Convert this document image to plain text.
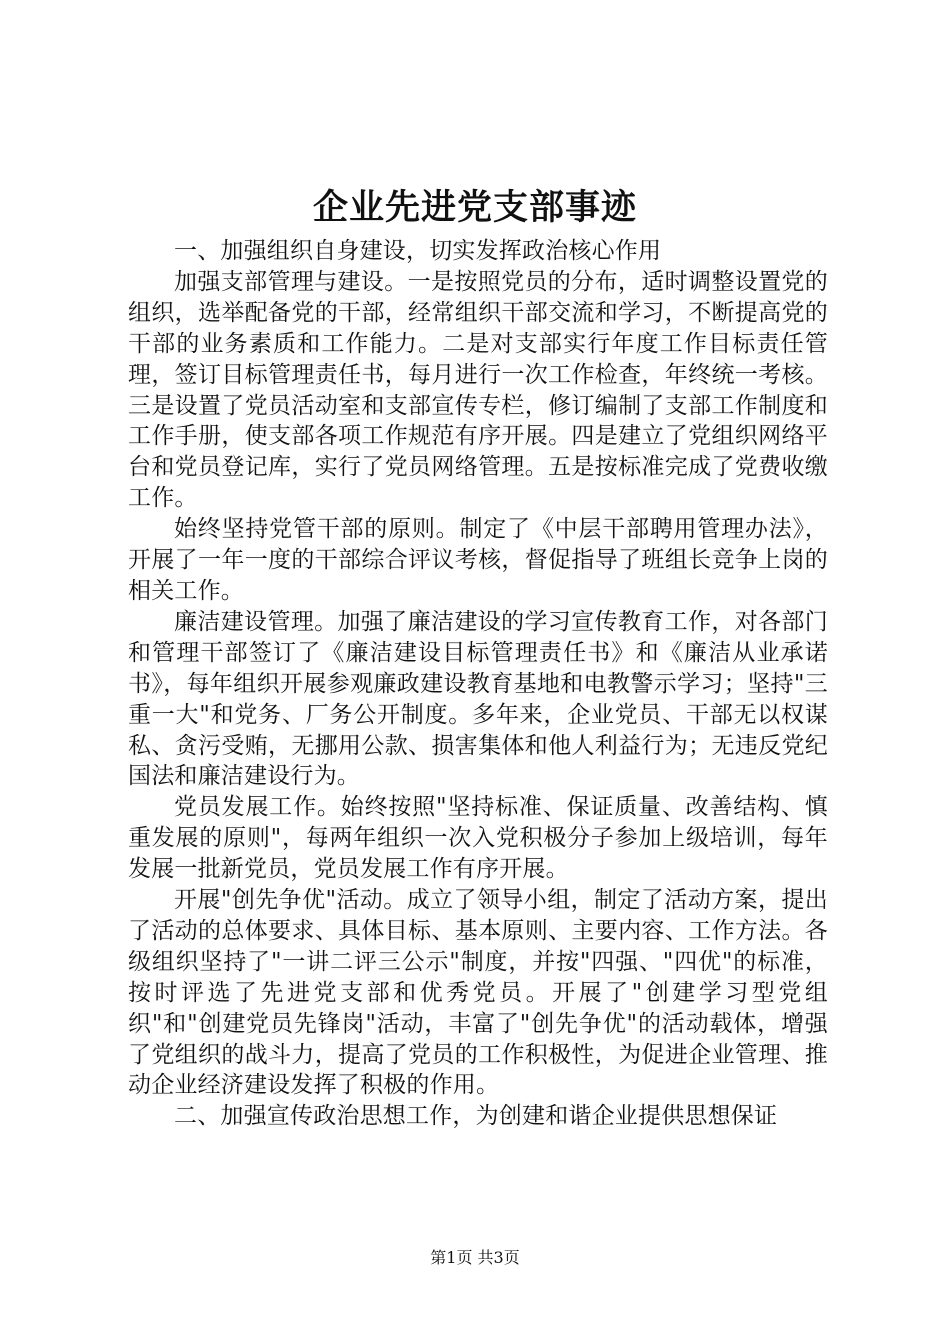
企业先进党支部事迹

一、加强组织自身建设，切实发挥政治核心作用

加强支部管理与建设。一是按照党员的分布，适时调整设置党的组织，选举配备党的干部，经常组织干部交流和学习，不断提高党的干部的业务素质和工作能力。二是对支部实行年度工作目标责任管理，签订目标管理责任书，每月进行一次工作检查，年终统一考核。三是设置了党员活动室和支部宣传专栏，修订编制了支部工作制度和工作手册，使支部各项工作规范有序开展。四是建立了党组织网络平台和党员登记库，实行了党员网络管理。五是按标准完成了党费收缴工作。

始终坚持党管干部的原则。制定了《中层干部聘用管理办法》，开展了一年一度的干部综合评议考核，督促指导了班组长竞争上岗的相关工作。

廉洁建设管理。加强了廉洁建设的学习宣传教育工作，对各部门和管理干部签订了《廉洁建设目标管理责任书》和《廉洁从业承诺书》，每年组织开展参观廉政建设教育基地和电教警示学习；坚持"三重一大"和党务、厂务公开制度。多年来，企业党员、干部无以权谋私、贪污受贿，无挪用公款、损害集体和他人利益行为；无违反党纪国法和廉洁建设行为。

党员发展工作。始终按照"坚持标准、保证质量、改善结构、慎重发展的原则"，每两年组织一次入党积极分子参加上级培训，每年发展一批新党员，党员发展工作有序开展。

开展"创先争优"活动。成立了领导小组，制定了活动方案，提出了活动的总体要求、具体目标、基本原则、主要内容、工作方法。各级组织坚持了"一讲二评三公示"制度，并按"四强、"四优"的标准，按时评选了先进党支部和优秀党员。开展了"创建学习型党组织"和"创建党员先锋岗"活动，丰富了"创先争优"的活动载体，增强了党组织的战斗力，提高了党员的工作积极性，为促进企业管理、推动企业经济建设发挥了积极的作用。

二、加强宣传政治思想工作，为创建和谐企业提供思想保证

第1页 共3页
